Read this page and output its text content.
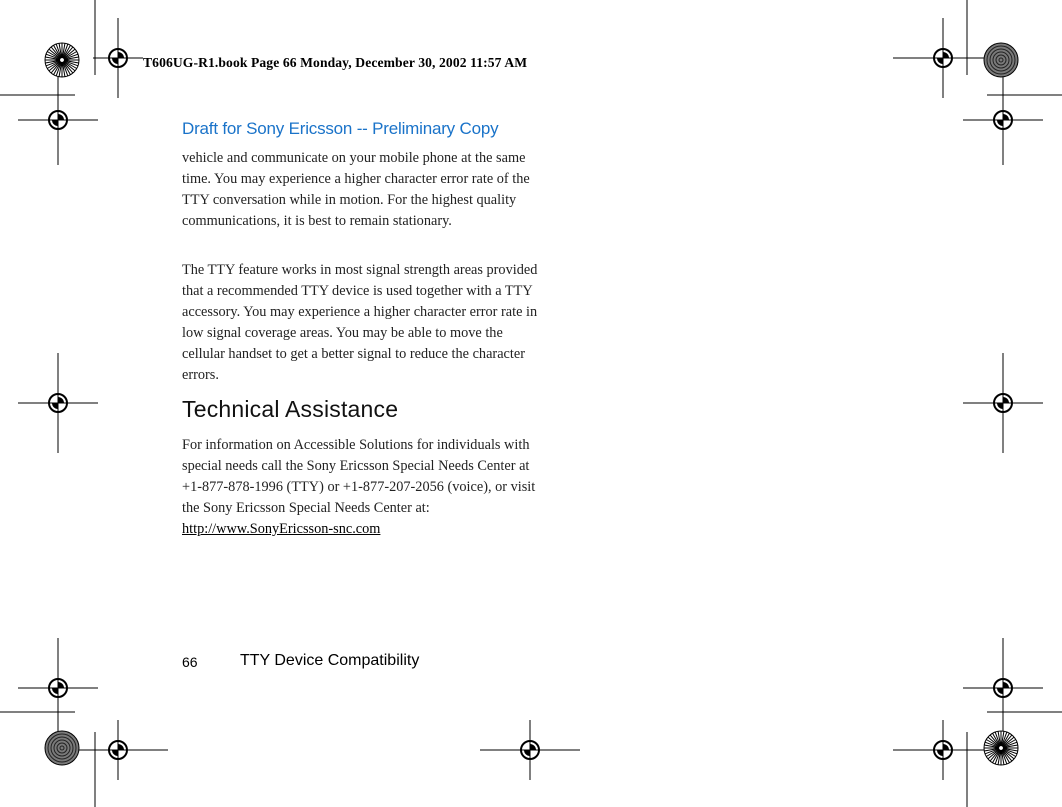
T606UG-R1.book Page 66 Monday, December 30, 2002 11:57 AM
Draft for Sony Ericsson -- Preliminary Copy

vehicle and communicate on your mobile phone at the same time. You may experience a higher character error rate of the TTY conversation while in motion. For the highest quality communications, it is best to remain stationary.

The TTY feature works in most signal strength areas provided that a recommended TTY device is used together with a TTY accessory. You may experience a higher character error rate in low signal coverage areas. You may be able to move the cellular handset to get a better signal to reduce the character errors.

Technical Assistance

For information on Accessible Solutions for individuals with special needs call the Sony Ericsson Special Needs Center at +1-877-878-1996 (TTY) or +1-877-207-2056 (voice), or visit the Sony Ericsson Special Needs Center at: http://www.SonyEricsson-snc.com

66	TTY Device Compatibility
